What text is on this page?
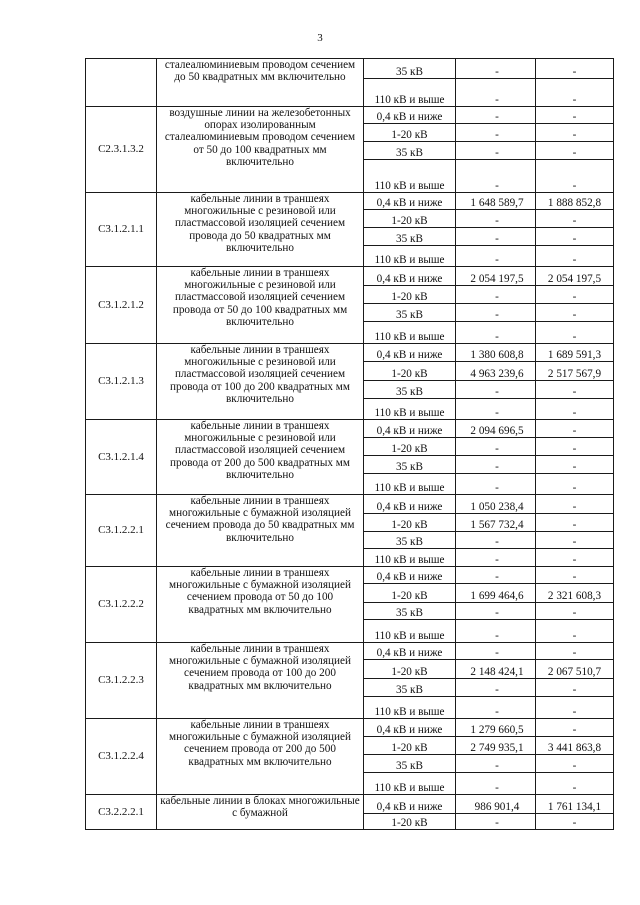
3
	сталеалюминиевым проводом сечением до 50 квадратных мм включительно	35 кВ	-	-
		110 кВ и выше	-	-
С2.3.1.3.2	воздушные линии на железобетонных опорах изолированным сталеалюминиевым проводом сечением от 50 до 100 квадратных мм включительно	0,4 кВ и ниже	-	-
		1-20 кВ	-	-
		35 кВ	-	-
		110 кВ и выше	-	-
С3.1.2.1.1	кабельные линии в траншеях многожильные с резиновой или пластмассовой изоляцией сечением провода до 50 квадратных мм включительно	0,4 кВ и ниже	1 648 589,7	1 888 852,8
		1-20 кВ	-	-
		35 кВ	-	-
		110 кВ и выше	-	-
С3.1.2.1.2	кабельные линии в траншеях многожильные с резиновой или пластмассовой изоляцией сечением провода от 50 до 100 квадратных мм включительно	0,4 кВ и ниже	2 054 197,5	2 054 197,5
		1-20 кВ	-	-
		35 кВ	-	-
		110 кВ и выше	-	-
С3.1.2.1.3	кабельные линии в траншеях многожильные с резиновой или пластмассовой изоляцией сечением провода от 100 до 200 квадратных мм включительно	0,4 кВ и ниже	1 380 608,8	1 689 591,3
		1-20 кВ	4 963 239,6	2 517 567,9
		35 кВ	-	-
		110 кВ и выше	-	-
С3.1.2.1.4	кабельные линии в траншеях многожильные с резиновой или пластмассовой изоляцией сечением провода от 200 до 500 квадратных мм включительно	0,4 кВ и ниже	2 094 696,5	-
		1-20 кВ	-	-
		35 кВ	-	-
		110 кВ и выше	-	-
С3.1.2.2.1	кабельные линии в траншеях многожильные с бумажной изоляцией сечением провода до 50 квадратных мм включительно	0,4 кВ и ниже	1 050 238,4	-
		1-20 кВ	1 567 732,4	-
		35 кВ	-	-
		110 кВ и выше	-	-
С3.1.2.2.2	кабельные линии в траншеях многожильные с бумажной изоляцией сечением провода от 50 до 100 квадратных мм включительно	0,4 кВ и ниже	-	-
		1-20 кВ	1 699 464,6	2 321 608,3
		35 кВ	-	-
		110 кВ и выше	-	-
С3.1.2.2.3	кабельные линии в траншеях многожильные с бумажной изоляцией сечением провода от 100 до 200 квадратных мм включительно	0,4 кВ и ниже	-	-
		1-20 кВ	2 148 424,1	2 067 510,7
		35 кВ	-	-
		110 кВ и выше	-	-
С3.1.2.2.4	кабельные линии в траншеях многожильные с бумажной изоляцией сечением провода от 200 до 500 квадратных мм включительно	0,4 кВ и ниже	1 279 660,5	-
		1-20 кВ	2 749 935,1	3 441 863,8
		35 кВ	-	-
		110 кВ и выше	-	-
С3.2.2.2.1	кабельные линии в блоках многожильные с бумажной	0,4 кВ и ниже	986 901,4	1 761 134,1
		1-20 кВ	-	-
